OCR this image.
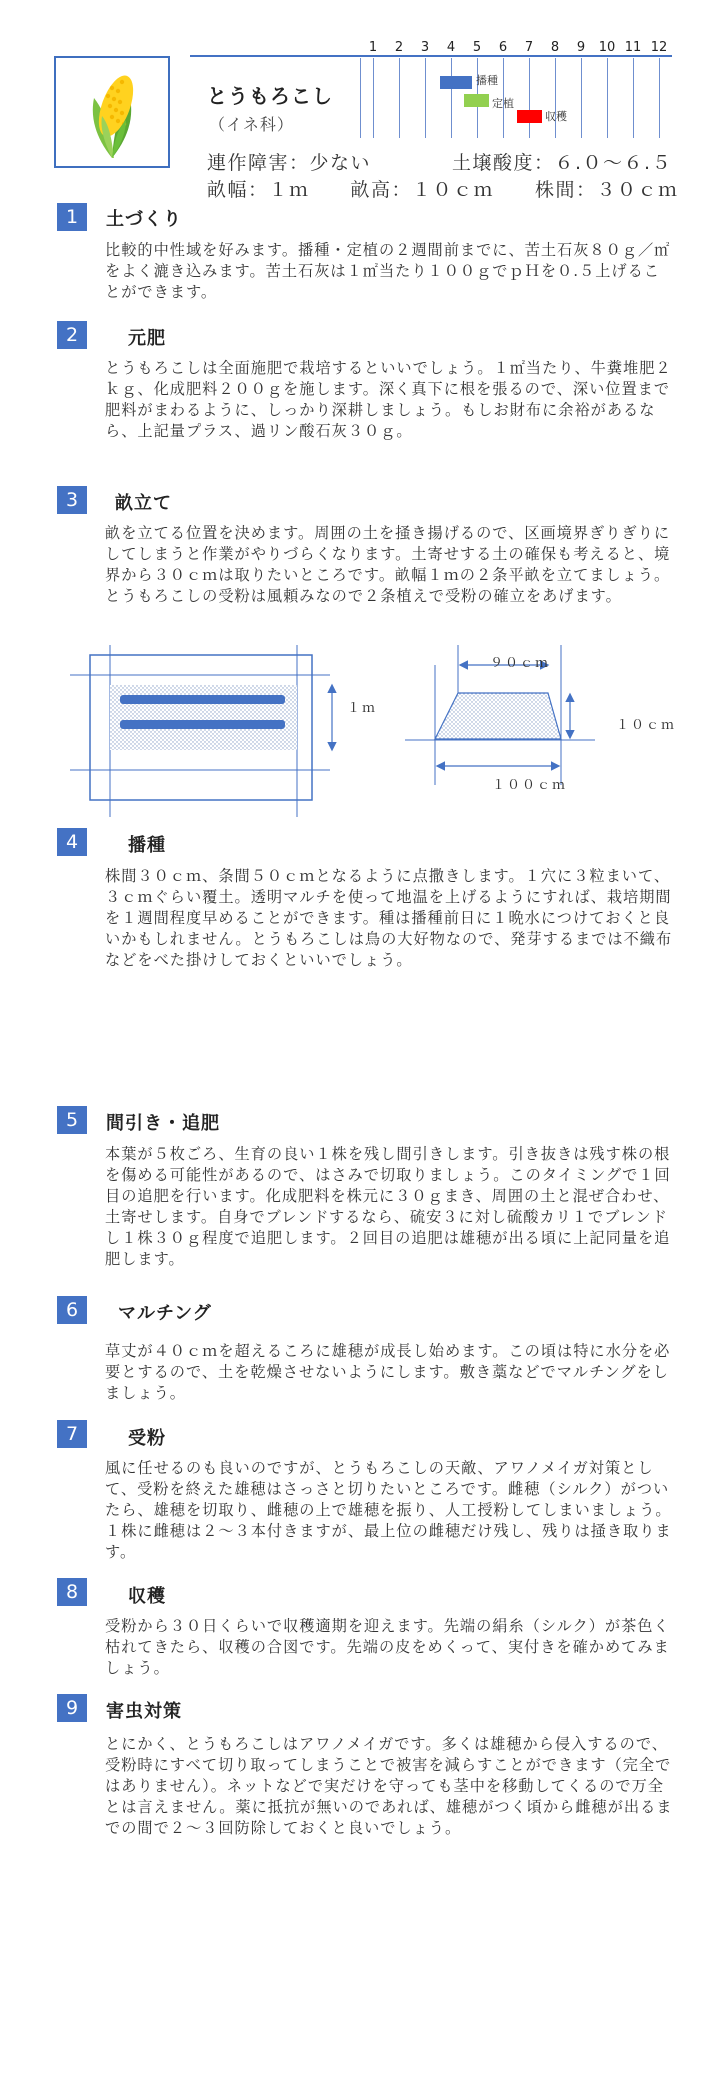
とうもろこし
（イネ科）
1	2	3	4	5	6	7	8	9	10 11 12
播種
定植
収穫
連作障害：少ない	土壌酸度：６.０～６.５
畝幅：１ｍ　　畝高：１０ｃｍ　　株間：３０ｃｍ
1	土づくり
比較的中性域を好みます。播種・定植の２週間前までに、苦土石灰８０ｇ／㎡をよく漉き込みます。苦土石灰は１㎡当たり１００ｇでｐＨを０.５上げることができます。
2	元肥
とうもろこしは全面施肥で栽培するといいでしょう。１㎡当たり、牛糞堆肥２ｋｇ、化成肥料２００ｇを施します。深く真下に根を張るので、深い位置まで肥料がまわるように、しっかり深耕しましょう。もしお財布に余裕があるなら、上記量プラス、過リン酸石灰３０ｇ。
3	畝立て
畝を立てる位置を決めます。周囲の土を掻き揚げるので、区画境界ぎりぎりにしてしまうと作業がやりづらくなります。土寄せする土の確保も考えると、境界から３０ｃｍは取りたいところです。畝幅１ｍの２条平畝を立てましょう。とうもろこしの受粉は風頼みなので２条植えで受粉の確立をあげます。
１ｍ
９０ｃｍ
１０ｃｍ
１００ｃｍ
4	播種
株間３０ｃｍ、条間５０ｃｍとなるように点撒きします。１穴に３粒まいて、３ｃｍぐらい覆土。透明マルチを使って地温を上げるようにすれば、栽培期間を１週間程度早めることができます。種は播種前日に１晩水につけておくと良いかもしれません。とうもろこしは鳥の大好物なので、発芽するまでは不織布などをべた掛けしておくといいでしょう。
5	間引き・追肥
本葉が５枚ごろ、生育の良い１株を残し間引きします。引き抜きは残す株の根を傷める可能性があるので、はさみで切取りましょう。このタイミングで１回目の追肥を行います。化成肥料を株元に３０ｇまき、周囲の土と混ぜ合わせ、土寄せします。自身でブレンドするなら、硫安３に対し硫酸カリ１でブレンドし１株３０ｇ程度で追肥します。２回目の追肥は雄穂が出る頃に上記同量を追肥します。
6	マルチング
草丈が４０ｃｍを超えるころに雄穂が成長し始めます。この頃は特に水分を必要とするので、土を乾燥させないようにします。敷き藁などでマルチングをしましょう。
7	受粉
風に任せるのも良いのですが、とうもろこしの天敵、アワノメイガ対策として、受粉を終えた雄穂はさっさと切りたいところです。雌穂（シルク）がついたら、雄穂を切取り、雌穂の上で雄穂を振り、人工授粉してしまいましょう。１株に雌穂は２～３本付きますが、最上位の雌穂だけ残し、残りは掻き取ります。
8	収穫
受粉から３０日くらいで収穫適期を迎えます。先端の絹糸（シルク）が茶色く枯れてきたら、収穫の合図です。先端の皮をめくって、実付きを確かめてみましょう。
9	害虫対策
とにかく、とうもろこしはアワノメイガです。多くは雄穂から侵入するので、受粉時にすべて切り取ってしまうことで被害を減らすことができます（完全ではありません）。ネットなどで実だけを守っても茎中を移動してくるので万全とは言えません。薬に抵抗が無いのであれば、雄穂がつく頃から雌穂が出るまでの間で２～３回防除しておくと良いでしょう。
